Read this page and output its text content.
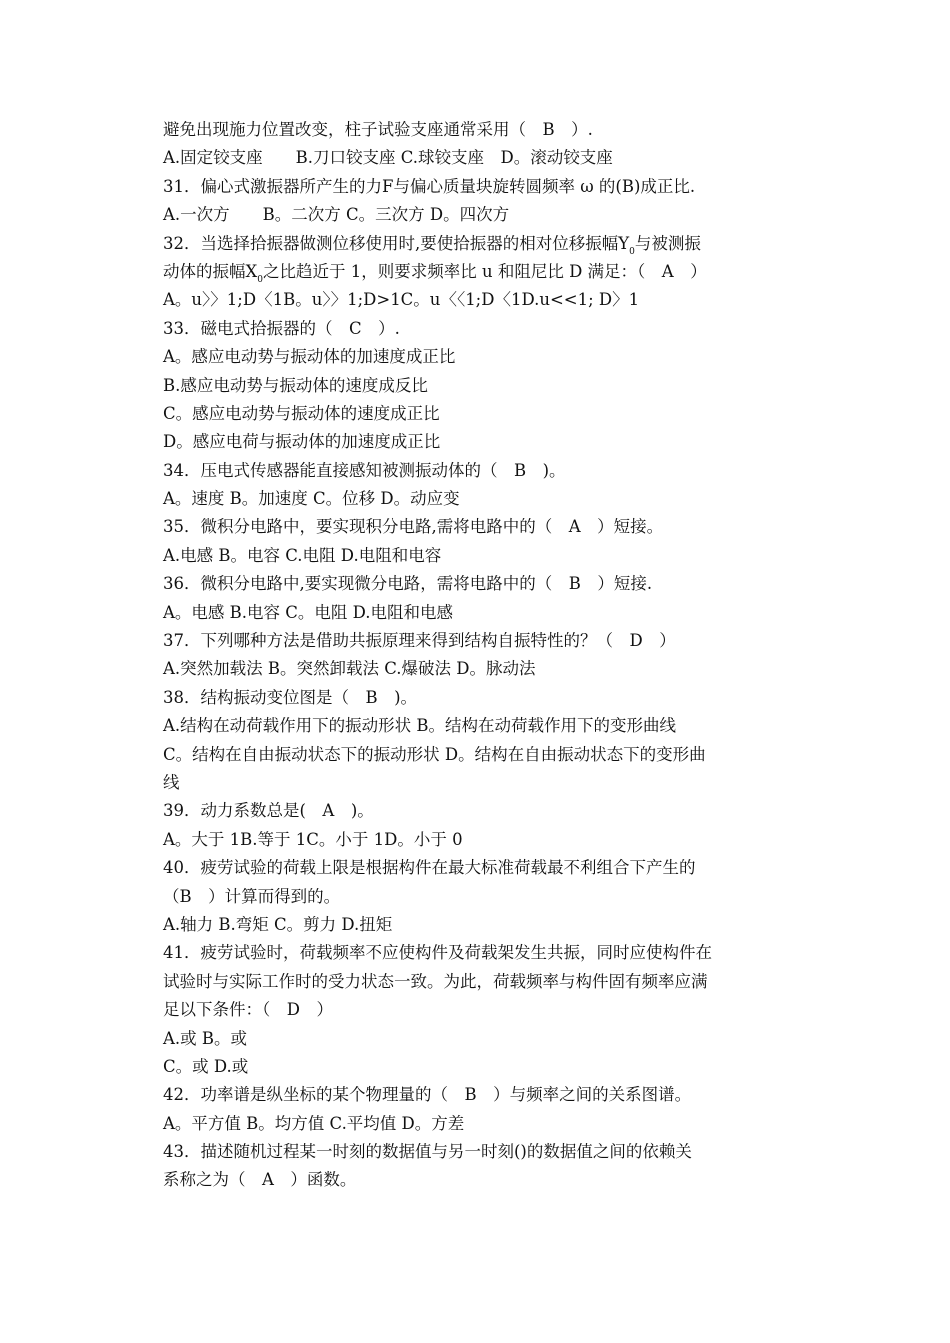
避免出现施力位置改变，柱子试验支座通常采用（　B　）.
A.固定铰支座　　B.刀口铰支座 C.球铰支座　D。滚动铰支座
31．偏心式激振器所产生的力F与偏心质量块旋转圆频率 ω 的(B)成正比.
A.一次方　　B。二次方 C。三次方 D。四次方
32．当选择拾振器做测位移使用时,要使拾振器的相对位移振幅$Y_0$与被测振
动体的振幅$X_0$之比趋近于 1，则要求频率比 u 和阻尼比 D 满足：（　A　）
A。u〉〉1;D〈1B。u〉〉1;D>1C。u〈〈1;D〈1D.u<<1; D〉1
33．磁电式拾振器的（　C　）.
A。感应电动势与振动体的加速度成正比
B.感应电动势与振动体的速度成反比
C。感应电动势与振动体的速度成正比
D。感应电荷与振动体的加速度成正比
34．压电式传感器能直接感知被测振动体的（　B　)。
A。速度 B。加速度 C。位移 D。动应变
35．微积分电路中，要实现积分电路,需将电路中的（　A　）短接。
A.电感 B。电容 C.电阻 D.电阻和电容
36．微积分电路中,要实现微分电路，需将电路中的（　B　）短接.
A。电感 B.电容 C。电阻 D.电阻和电感
37．下列哪种方法是借助共振原理来得到结构自振特性的？（　D　）
A.突然加载法 B。突然卸载法 C.爆破法 D。脉动法
38．结构振动变位图是（　B　)。
A.结构在动荷载作用下的振动形状 B。结构在动荷载作用下的变形曲线
C。结构在自由振动状态下的振动形状 D。结构在自由振动状态下的变形曲
线
39．动力系数总是(　A　)。
A。大于 1B.等于 1C。小于 1D。小于 0
40．疲劳试验的荷载上限是根据构件在最大标准荷载最不利组合下产生的
（B　）计算而得到的。
A.轴力 B.弯矩 C。剪力 D.扭矩
41．疲劳试验时，荷载频率不应使构件及荷载架发生共振，同时应使构件在
试验时与实际工作时的受力状态一致。为此，荷载频率与构件固有频率应满
足以下条件：（　D　）
A.或 B。或
C。或 D.或
42．功率谱是纵坐标的某个物理量的（　B　）与频率之间的关系图谱。
A。平方值 B。均方值 C.平均值 D。方差
43．描述随机过程某一时刻的数据值与另一时刻()的数据值之间的依赖关
系称之为（　A　）函数。
